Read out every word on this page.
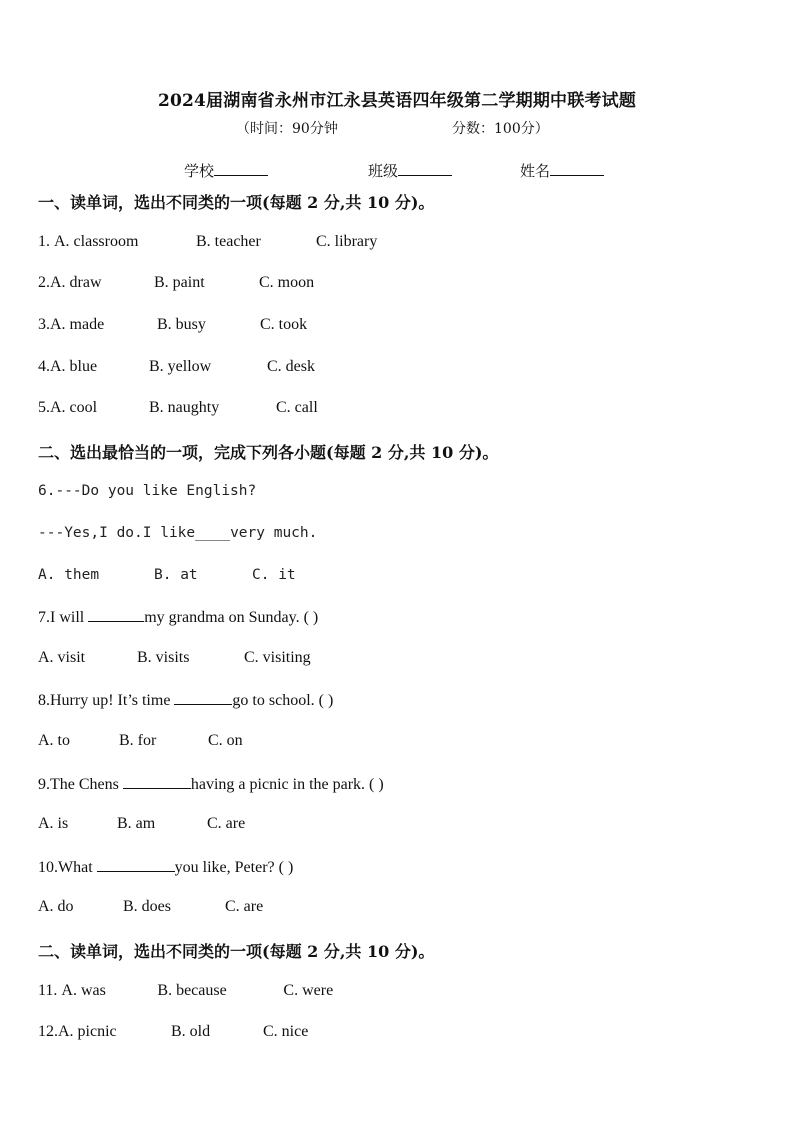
2024届湖南省永州市江永县英语四年级第二学期期中联考试题
（时间：90分钟	分数：100分）
学校	班级	姓名
一、读单词，选出不同类的一项(每题 2 分,共 10 分)。
1. A. classroom	B. teacher	C. library
2.A. draw	B. paint	C. moon
3.A. made	B. busy	C. took
4.A. blue	B. yellow	C. desk
5.A. cool	B. naughty	C. call
二、选出最恰当的一项，完成下列各小题(每题 2 分,共 10 分)。
6.---Do you like English?
---Yes,I do.I like____very much.
A. them	B. at	C. it
7.I will	my grandma on Sunday. ( )
A. visit	B. visits	C. visiting
8.Hurry up! It’s time	go to school. ( )
A. to	B. for	C. on
9.The Chens	having a picnic in the park. ( )
A. is	B. am	C. are
10.What	you like, Peter? ( )
A. do	B. does	C. are
二、读单词，选出不同类的一项(每题 2 分,共 10 分)。
11. A. was	B. because	C. were
12.A. picnic	B. old	C. nice
